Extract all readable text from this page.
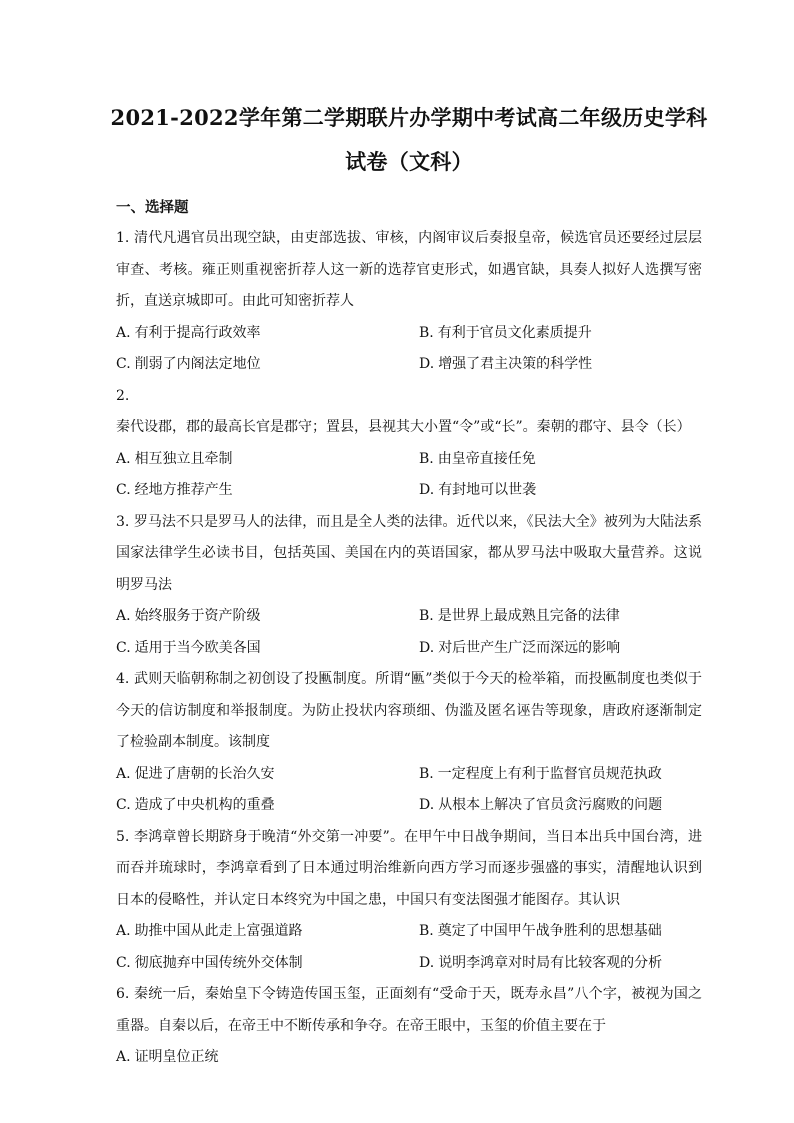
2021-2022学年第二学期联片办学期中考试高二年级历史学科
试卷（文科）
一、选择题
1. 清代凡遇官员出现空缺，由吏部选拔、审核，内阁审议后奏报皇帝，候选官员还要经过层层审查、考核。雍正则重视密折荐人这一新的选荐官吏形式，如遇官缺，具奏人拟好人选撰写密折，直送京城即可。由此可知密折荐人
A. 有利于提高行政效率	B. 有利于官员文化素质提升
C. 削弱了内阁法定地位	D. 增强了君主决策的科学性
2. 秦代设郡，郡的最高长官是郡守；置县，县视其大小置“令”或“长”。秦朝的郡守、县令（长）
A. 相互独立且牵制	B. 由皇帝直接任免
C. 经地方推荐产生	D. 有封地可以世袭
3. 罗马法不只是罗马人的法律，而且是全人类的法律。近代以来，《民法大全》被列为大陆法系国家法律学生必读书目，包括英国、美国在内的英语国家，都从罗马法中吸取大量营养。这说明罗马法
A. 始终服务于资产阶级	B. 是世界上最成熟且完备的法律
C. 适用于当今欧美各国	D. 对后世产生广泛而深远的影响
4. 武则天临朝称制之初创设了投匭制度。所谓“匭”类似于今天的检举箱，而投匭制度也类似于今天的信访制度和举报制度。为防止投状内容琐细、伪滥及匿名诬告等现象，唐政府逐渐制定了检验副本制度。该制度
A. 促进了唐朝的长治久安	B. 一定程度上有利于监督官员规范执政
C. 造成了中央机构的重叠	D. 从根本上解决了官员贪污腐败的问题
5. 李鸿章曾长期跻身于晚清“外交第一冲要”。在甲午中日战争期间，当日本出兵中国台湾，进而吞并琉球时，李鸿章看到了日本通过明治维新向西方学习而逐步强盛的事实，清醒地认识到日本的侵略性，并认定日本终究为中国之患，中国只有变法图强才能图存。其认识
A. 助推中国从此走上富强道路	B. 奠定了中国甲午战争胜利的思想基础
C. 彻底抛弃中国传统外交体制	D. 说明李鸿章对时局有比较客观的分析
6. 秦统一后，秦始皇下令铸造传国玉玺，正面刻有“受命于天，既寿永昌”八个字，被视为国之重器。自秦以后，在帝王中不断传承和争夺。在帝王眼中，玉玺的价值主要在于
A. 证明皇位正统
